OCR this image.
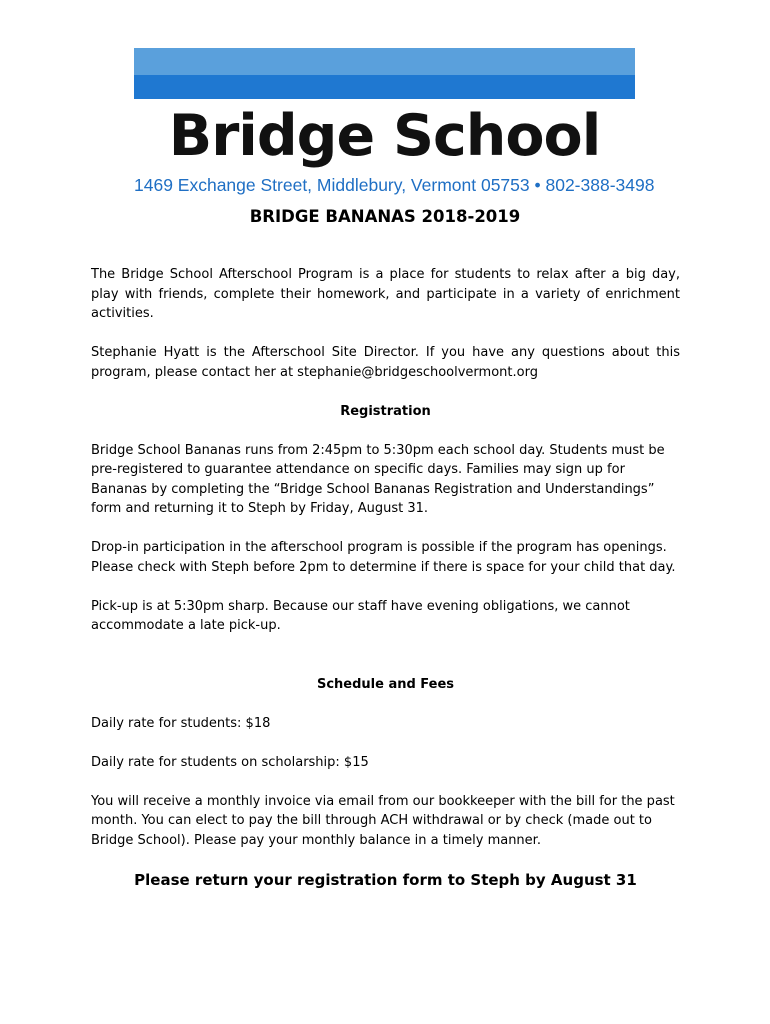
Bridge School
1469 Exchange Street, Middlebury, Vermont 05753 • 802-388-3498
BRIDGE BANANAS 2018-2019

The Bridge School Afterschool Program is a place for students to relax after a big day, play with friends, complete their homework, and participate in a variety of enrichment activities.

Stephanie Hyatt is the Afterschool Site Director. If you have any questions about this program, please contact her at stephanie@bridgeschoolvermont.org

Registration

Bridge School Bananas runs from 2:45pm to 5:30pm each school day. Students must be pre-registered to guarantee attendance on specific days. Families may sign up for Bananas by completing the “Bridge School Bananas Registration and Understandings” form and returning it to Steph by Friday, August 31.

Drop-in participation in the afterschool program is possible if the program has openings. Please check with Steph before 2pm to determine if there is space for your child that day.

Pick-up is at 5:30pm sharp. Because our staff have evening obligations, we cannot accommodate a late pick-up.

Schedule and Fees

Daily rate for students: $18

Daily rate for students on scholarship: $15

You will receive a monthly invoice via email from our bookkeeper with the bill for the past month. You can elect to pay the bill through ACH withdrawal or by check (made out to Bridge School). Please pay your monthly balance in a timely manner.

Please return your registration form to Steph by August 31
